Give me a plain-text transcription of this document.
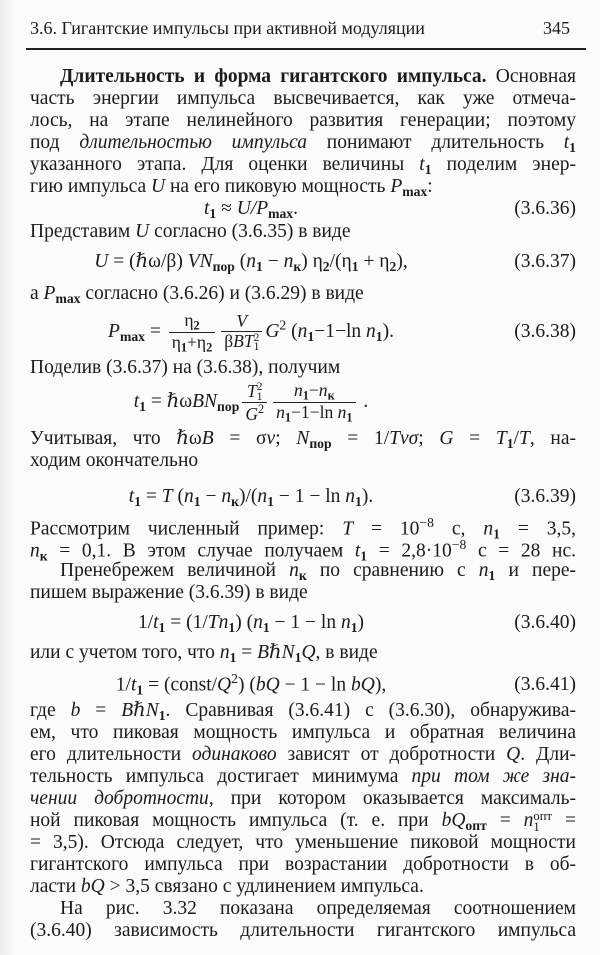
3.6. Гигантские импульсы при активной модуляции	345
Длительность и форма гигантского импульса. Основная
часть энергии импульса высвечивается, как уже отмеча-
лось, на этапе нелинейного развития генерации; поэтому
под длительностью импульса понимают длительность $t_1$
указанного этапа. Для оценки величины $t_1$ поделим энер-
гию импульса U на его пиковую мощность $P_{max}$:
$t_1 \approx U/P_{max}$.	(3.6.36)
Представим U согласно (3.6.35) в виде
U = (ℏω/β) $VN_{пор}$ $(n_1 - n_к) \eta_2/(\eta_1 + \eta_2)$,	(3.6.37)
а $P_{max}$ согласно (3.6.26) и (3.6.29) в виде
$P_{max} = \frac{\eta_2}{\eta_1+\eta_2}$ V
βBT 2
1 $G^2$ ($n_1-1-\ln$ $n_1$).	(3.6.38)
Поделив (3.6.37) на (3.6.38), получим
$t_1$ = ℏωBN$_{пор}$ T 2
1
$G^2 \frac{n_1-n_к}{n_1-1-\ln n_1}$ .
Учитывая, что ℏωB = σv; $N_{пор} = 1/Tv\sigma$; $G = T_1/T$, на-
ходим окончательно
$t_1 = T$ $(n_1 - n_к)/(n_1 - 1 - \ln n_1)$.	(3.6.39)
Рассмотрим численный пример: $T = 10^{-8}$ с, $n_1 = 3,5$,
$n_к = 0,1$. В этом случае получаем $t_1 = 2,8\cdot 10^{-8}$ с = 28 нс.
Пренебрежем величиной $n_к$ по сравнению с $n_1$ и пере-
пишем выражение (3.6.39) в виде
$1/t_1 = (1/Tn_1) (n_1 - 1 - \ln n_1)$	(3.6.40)
или с учетом того, что $n_1$ = BℏN$_1$Q, в виде
$1/t_1$ = $(const/Q^2) (bQ - 1 - \ln bQ)$,	(3.6.41)
где b = BℏN$_1$. Сравнивая (3.6.41) с (3.6.30), обнаружива-
ем, что пиковая мощность импульса и обратная величина
его длительности одинаково зависят от добротности Q. Дли-
тельность импульса достигает минимума при том же зна-
чении добротности, при котором оказывается максималь-
ной пиковая мощность импульса (т. е. при $bQ_{опт} = n$ опт
1 =
= 3,5). Отсюда следует, что уменьшение пиковой мощности
гигантского импульса при возрастании добротности в об-
ласти bQ > 3,5 связано с удлинением импульса.
На рис. 3.32 показана определяемая соотношением
(3.6.40) зависимость длительности гигантского импульса
